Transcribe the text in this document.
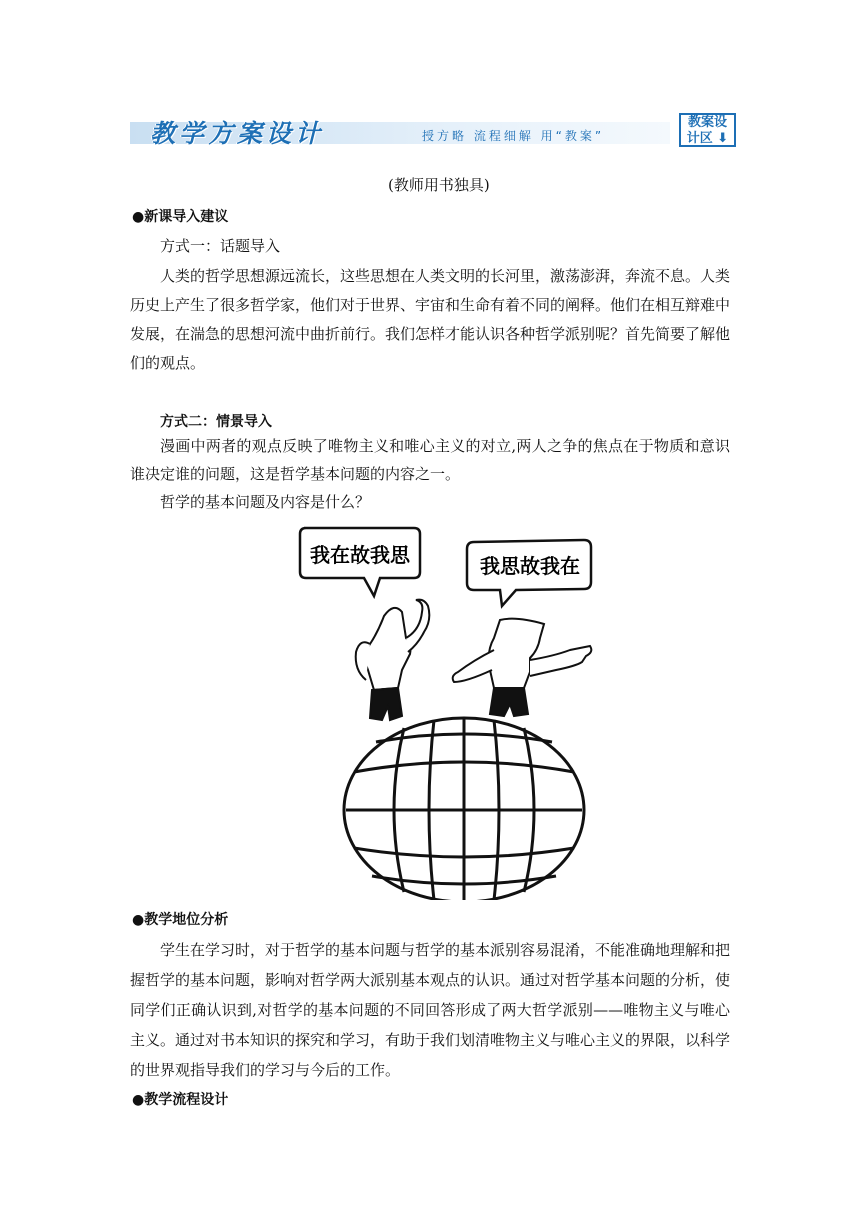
教学方案设计	授方略 流程细解 用“教案”
教案设
计区 ⬇
(教师用书独具)
●新课导入建议
方式一：话题导入
人类的哲学思想源远流长，这些思想在人类文明的长河里，激荡澎湃，奔流不息。人类
历史上产生了很多哲学家，他们对于世界、宇宙和生命有着不同的阐释。他们在相互辩难中
发展，在湍急的思想河流中曲折前行。我们怎样才能认识各种哲学派别呢？首先简要了解他
们的观点。
方式二：情景导入
漫画中两者的观点反映了唯物主义和唯心主义的对立,两人之争的焦点在于物质和意识
谁决定谁的问题，这是哲学基本问题的内容之一。
哲学的基本问题及内容是什么？
我在故我思	我思故我在
●教学地位分析
学生在学习时，对于哲学的基本问题与哲学的基本派别容易混淆，不能准确地理解和把
握哲学的基本问题，影响对哲学两大派别基本观点的认识。通过对哲学基本问题的分析，使
同学们正确认识到,对哲学的基本问题的不同回答形成了两大哲学派别——唯物主义与唯心
主义。通过对书本知识的探究和学习，有助于我们划清唯物主义与唯心主义的界限，以科学
的世界观指导我们的学习与今后的工作。
●教学流程设计
